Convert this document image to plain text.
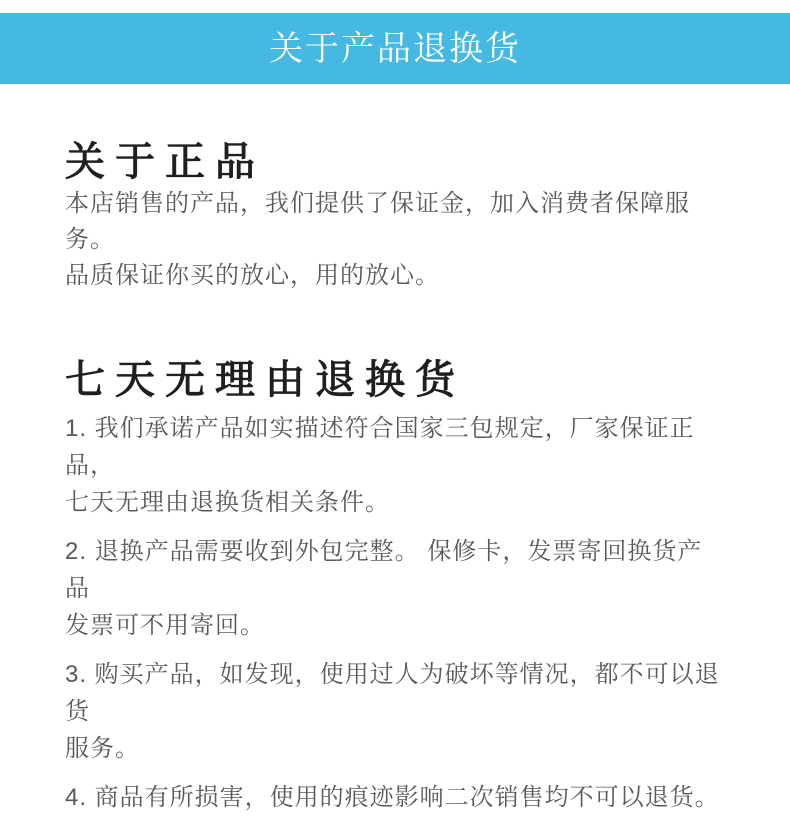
关于产品退换货
关于正品

本店销售的产品，我们提供了保证金，加入消费者保障服务。
品质保证你买的放心，用的放心。

七天无理由退换货

1. 我们承诺产品如实描述符合国家三包规定，厂家保证正品，
七天无理由退换货相关条件。

2. 退换产品需要收到外包完整。 保修卡，发票寄回换货产品
发票可不用寄回。

3. 购买产品，如发现，使用过人为破坏等情况，都不可以退货
服务。

4. 商品有所损害，使用的痕迹影响二次销售均不可以退货。
